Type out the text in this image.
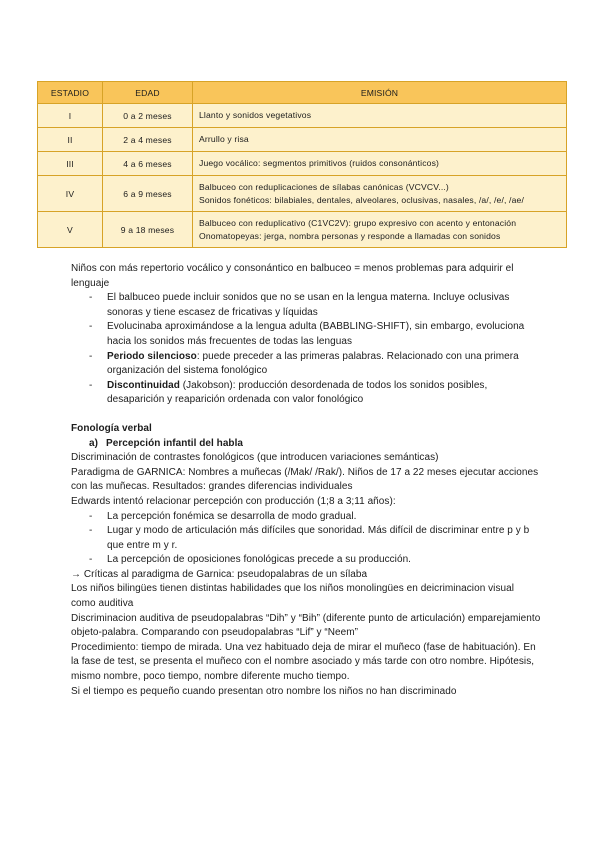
ESTADIO	EDAD	EMISIÓN
I	0 a 2 meses	Llanto y sonidos vegetativos

II	2 a 4 meses	Arrullo y risa

III	4 a 6 meses	Juego vocálico: segmentos primitivos (ruidos consonánticos)

IV	6 a 9 meses	Balbuceo con reduplicaciones de sílabas canónicas (VCVCV...)
Sonidos fonéticos: bilabiales, dentales, alveolares, oclusivas, nasales, /a/, /e/, /ae/

V	9 a 18 meses	Balbuceo con reduplicativo (C1VC2V): grupo expresivo con acento y entonación
Onomatopeyas: jerga, nombra personas y responde a llamadas con sonidos

Niños con más repertorio vocálico y consonántico en balbuceo = menos problemas para adquirir el lenguaje

- El balbuceo puede incluir sonidos que no se usan en la lengua materna. Incluye oclusivas sonoras y tiene escasez de fricativas y líquidas
- Evolucinaba aproximándose a la lengua adulta (BABBLING-SHIFT), sin embargo, evoluciona hacia los sonidos más frecuentes de todas las lenguas
- Periodo silencioso: puede preceder a las primeras palabras. Relacionado con una primera organización del sistema fonológico
- Discontinuidad (Jakobson): producción desordenada de todos los sonidos posibles, desaparición y reaparición ordenada con valor fonológico

Fonología verbal

a) Percepción infantil del habla

Discriminación de contrastes fonológicos (que introducen variaciones semánticas)

Paradigma de GARNICA: Nombres a muñecas (/Mak/ /Rak/). Niños de 17 a 22 meses ejecutar acciones con las muñecas. Resultados: grandes diferencias individuales

Edwards intentó relacionar percepción con producción (1;8 a 3;11 años):

- La percepción fonémica se desarrolla de modo gradual.
- Lugar y modo de articulación más difíciles que sonoridad. Más difícil de discriminar entre p y b que entre m y r.
- La percepción de oposiciones fonológicas precede a su producción.

→ Críticas al paradigma de Garnica: pseudopalabras de un sílaba

Los niños bilingües tienen distintas habilidades que los niños monolingües en deicriminacion visual como auditiva

Discriminacion auditiva de pseudopalabras “Dih” y “Bih” (diferente punto de articulación) emparejamiento objeto-palabra. Comparando con pseudopalabras “Lif” y “Neem”

Procedimiento: tiempo de mirada. Una vez habituado deja de mirar el muñeco (fase de habituación). En la fase de test, se presenta el muñeco con el nombre asociado y más tarde con otro nombre. Hipótesis, mismo nombre, poco tiempo, nombre diferente mucho tiempo.

Si el tiempo es pequeño cuando presentan otro nombre los niños no han discriminado
